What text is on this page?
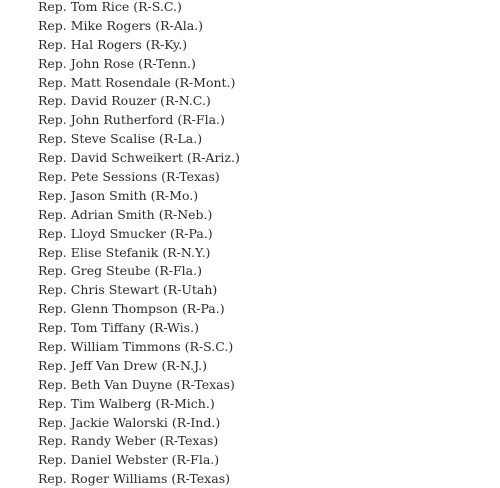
Rep. Tom Rice (R-S.C.)
Rep. Mike Rogers (R-Ala.)
Rep. Hal Rogers (R-Ky.)
Rep. John Rose (R-Tenn.)
Rep. Matt Rosendale (R-Mont.)
Rep. David Rouzer (R-N.C.)
Rep. John Rutherford (R-Fla.)
Rep. Steve Scalise (R-La.)
Rep. David Schweikert (R-Ariz.)
Rep. Pete Sessions (R-Texas)
Rep. Jason Smith (R-Mo.)
Rep. Adrian Smith (R-Neb.)
Rep. Lloyd Smucker (R-Pa.)
Rep. Elise Stefanik (R-N.Y.)
Rep. Greg Steube (R-Fla.)
Rep. Chris Stewart (R-Utah)
Rep. Glenn Thompson (R-Pa.)
Rep. Tom Tiffany (R-Wis.)
Rep. William Timmons (R-S.C.)
Rep. Jeff Van Drew (R-N.J.)
Rep. Beth Van Duyne (R-Texas)
Rep. Tim Walberg (R-Mich.)
Rep. Jackie Walorski (R-Ind.)
Rep. Randy Weber (R-Texas)
Rep. Daniel Webster (R-Fla.)
Rep. Roger Williams (R-Texas)
